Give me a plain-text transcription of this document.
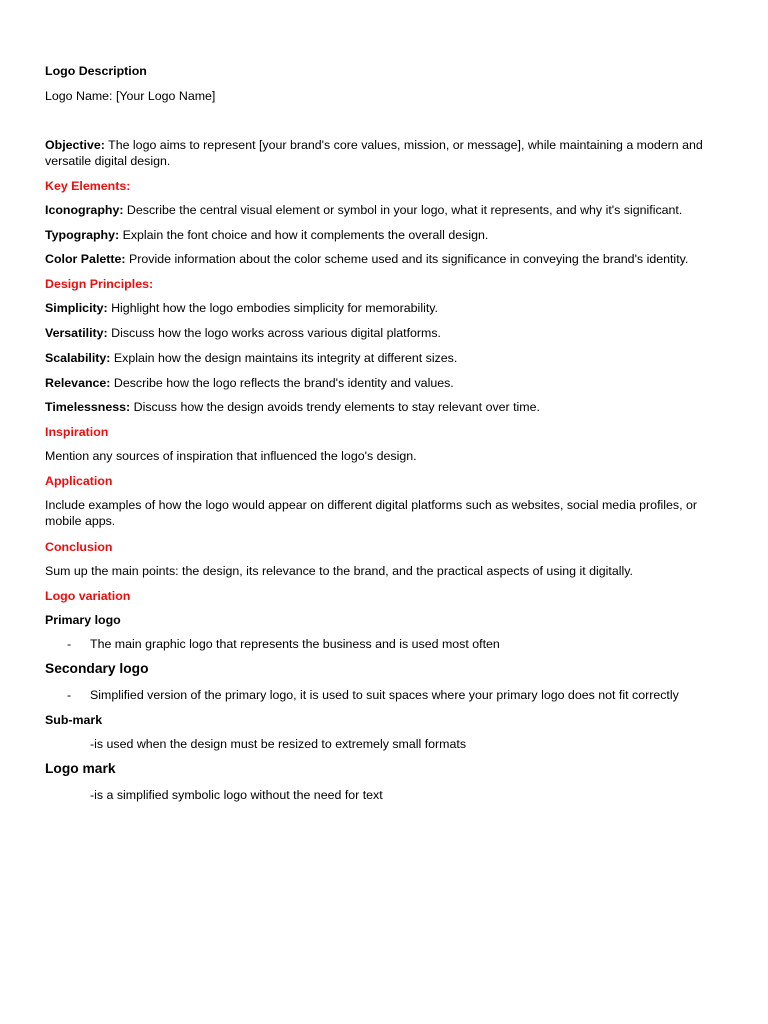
Logo Description
Logo Name: [Your Logo Name]
Objective: The logo aims to represent [your brand's core values, mission, or message], while maintaining a modern and versatile digital design.
Key Elements:
Iconography: Describe the central visual element or symbol in your logo, what it represents, and why it's significant.
Typography: Explain the font choice and how it complements the overall design.
Color Palette: Provide information about the color scheme used and its significance in conveying the brand's identity.
Design Principles:
Simplicity: Highlight how the logo embodies simplicity for memorability.
Versatility: Discuss how the logo works across various digital platforms.
Scalability: Explain how the design maintains its integrity at different sizes.
Relevance: Describe how the logo reflects the brand's identity and values.
Timelessness: Discuss how the design avoids trendy elements to stay relevant over time.
Inspiration
Mention any sources of inspiration that influenced the logo's design.
Application
Include examples of how the logo would appear on different digital platforms such as websites, social media profiles, or mobile apps.
Conclusion
Sum up the main points: the design, its relevance to the brand, and the practical aspects of using it digitally.
Logo variation
Primary logo
- The main graphic logo that represents the business and is used most often
Secondary logo
- Simplified version of the primary logo, it is used to suit spaces where your primary logo does not fit correctly
Sub-mark
-is used when the design must be resized to extremely small formats
Logo mark
-is a simplified symbolic logo without the need for text
